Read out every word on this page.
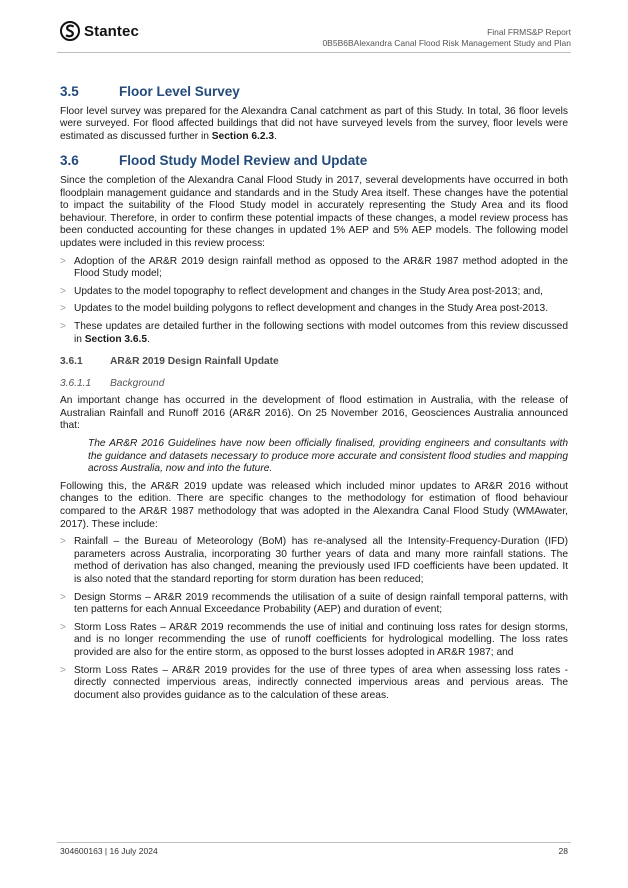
Stantec	Final FRMS&P Report
0B5B6BAlexandra Canal Flood Risk Management Study and Plan
3.5	Floor Level Survey

Floor level survey was prepared for the Alexandra Canal catchment as part of this Study. In total, 36 floor levels were surveyed. For flood affected buildings that did not have surveyed levels from the survey, floor levels were estimated as discussed further in Section 6.2.3.

3.6	Flood Study Model Review and Update

Since the completion of the Alexandra Canal Flood Study in 2017, several developments have occurred in both floodplain management guidance and standards and in the Study Area itself. These changes have the potential to impact the suitability of the Flood Study model in accurately representing the Study Area and its flood behaviour. Therefore, in order to confirm these potential impacts of these changes, a model review process has been conducted accounting for these changes in updated 1% AEP and 5% AEP models. The following model updates were included in this review process:

> Adoption of the AR&R 2019 design rainfall method as opposed to the AR&R 1987 method adopted in the Flood Study model;
> Updates to the model topography to reflect development and changes in the Study Area post-2013; and,
> Updates to the model building polygons to reflect development and changes in the Study Area post-2013.
> These updates are detailed further in the following sections with model outcomes from this review discussed in Section 3.6.5.
3.6.1	AR&R 2019 Design Rainfall Update
3.6.1.1	Background

An important change has occurred in the development of flood estimation in Australia, with the release of Australian Rainfall and Runoff 2016 (AR&R 2016). On 25 November 2016, Geosciences Australia announced that:

The AR&R 2016 Guidelines have now been officially finalised, providing engineers and consultants with the guidance and datasets necessary to produce more accurate and consistent flood studies and mapping across Australia, now and into the future.

Following this, the AR&R 2019 update was released which included minor updates to AR&R 2016 without changes to the edition. There are specific changes to the methodology for estimation of flood behaviour compared to the AR&R 1987 methodology that was adopted in the Alexandra Canal Flood Study (WMAwater, 2017). These include:

> Rainfall – the Bureau of Meteorology (BoM) has re-analysed all the Intensity-Frequency-Duration (IFD) parameters across Australia, incorporating 30 further years of data and many more rainfall stations. The method of derivation has also changed, meaning the previously used IFD coefficients have been updated. It is also noted that the standard reporting for storm duration has been reduced;
> Design Storms – AR&R 2019 recommends the utilisation of a suite of design rainfall temporal patterns, with ten patterns for each Annual Exceedance Probability (AEP) and duration of event;
> Storm Loss Rates – AR&R 2019 recommends the use of initial and continuing loss rates for design storms, and is no longer recommending the use of runoff coefficients for hydrological modelling. The loss rates provided are also for the entire storm, as opposed to the burst losses adopted in AR&R 1987; and
> Storm Loss Rates – AR&R 2019 provides for the use of three types of area when assessing loss rates - directly connected impervious areas, indirectly connected impervious areas and pervious areas. The document also provides guidance as to the calculation of these areas.
304600163 | 16 July 2024	28
